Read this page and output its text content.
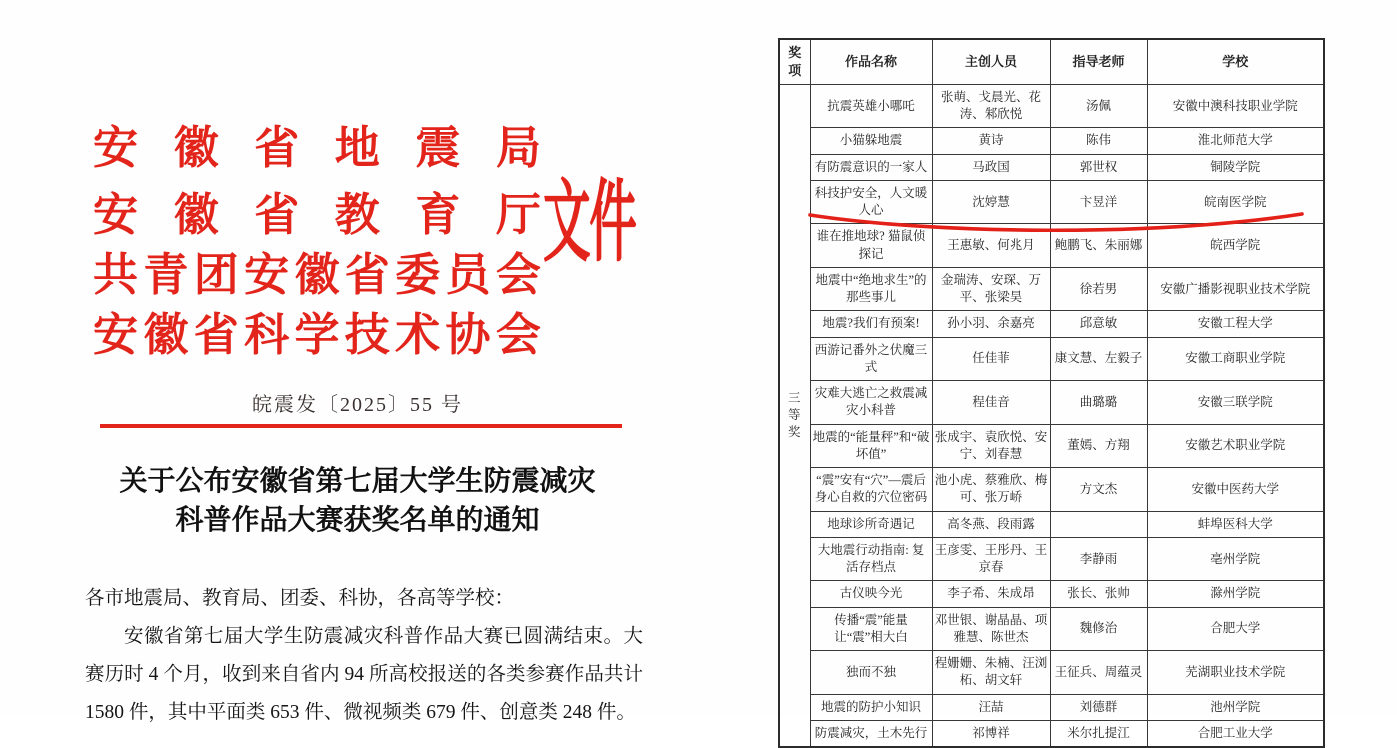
安 徽 省 地 震 局
安 徽 省 教 育 厅
共 青 团 安 徽 省 委 员 会
安 徽 省 科 学 技 术 协 会
文件
皖震发〔2025〕55 号
关于公布安徽省第七届大学生防震减灾
科普作品大赛获奖名单的通知

各市地震局、教育局、团委、科协，各高等学校：

安徽省第七届大学生防震减灾科普作品大赛已圆满结束。大赛历时 4 个月，收到来自省内 94 所高校报送的各类参赛作品共计 1580 件，其中平面类 653 件、微视频类 679 件、创意类 248 件。

奖项	作品名称	主创人员	指导老师	学校
三等奖	抗震英雄小哪吒	张萌、戈晨光、花涛、邾欣悦	汤佩	安徽中澳科技职业学院
	小猫躲地震	黄诗	陈伟	淮北师范大学
	有防震意识的一家人	马政国	郭世权	铜陵学院
	科技护安全，人文暖人心	沈婷慧	卞昱洋	皖南医学院
	谁在推地球? 猫鼠侦探记	王惠敏、何兆月	鲍鹏飞、朱丽娜	皖西学院
	地震中“绝地求生”的那些事儿	金瑞涛、安琛、万平、张梁昊	徐若男	安徽广播影视职业技术学院
	地震?我们有预案!	孙小羽、余嘉亮	邱意敏	安徽工程大学
	西游记番外之伏魔三式	任佳菲	康文慧、左毅子	安徽工商职业学院
	灾难大逃亡之救震减灾小科普	程佳音	曲璐璐	安徽三联学院
	地震的“能量秤”和“破坏值”	张成宇、袁欣悦、安宁、刘春慧	董嫣、方翔	安徽艺术职业学院
	“震”安有“穴”—震后身心自救的穴位密码	池小虎、蔡雅欣、梅可、张万峤	方文杰	安徽中医药大学
	地球诊所奇遇记	高冬燕、段雨露		蚌埠医科大学
	大地震行动指南: 复活存档点	王彦雯、王彤丹、王京春	李静雨	亳州学院
	古仪映今光	李子希、朱成昂	张长、张帅	滁州学院
	传播“震”能量 让“震”相大白	邓世银、谢晶晶、项雅慧、陈世杰	魏修治	合肥大学
	独而不独	程姗姗、朱楠、汪浏柘、胡文轩	王征兵、周蕴灵	芜湖职业技术学院
	地震的防护小知识	汪喆	刘德群	池州学院
	防震减灾，土木先行	祁博祥	米尔扎提江	合肥工业大学
